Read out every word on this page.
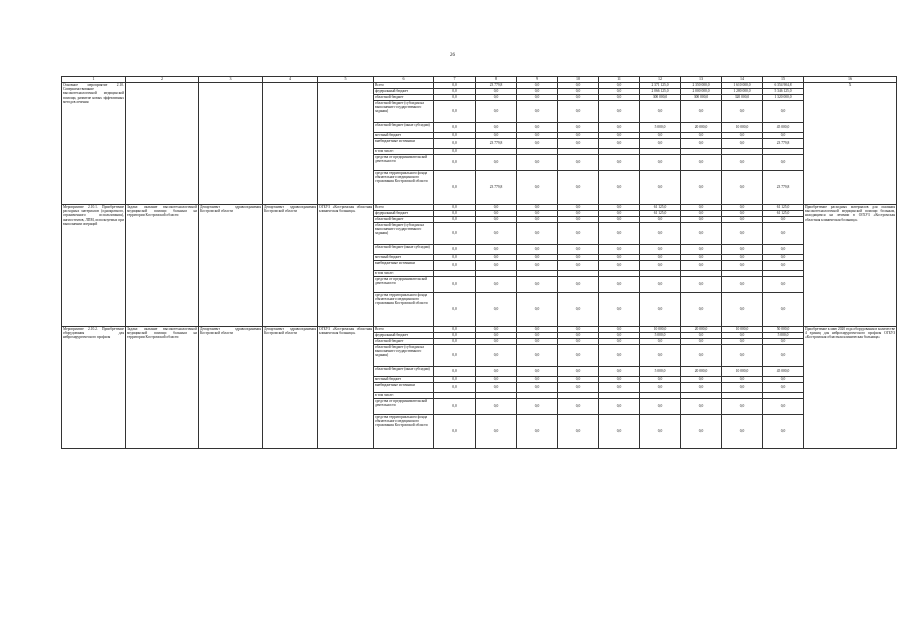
26
1	2	3	4	5	6	7	8	9	10	11	12	13	14	15	16
Основное мероприятие 2.10. Совершенствование высокотехнологичной медицинской помощи, развитие новых эффективных методов лечения					Всего	0,0	23 779,8	0,0	0,0	0,0	2 371 125,0	2 350 000,0	1 610 000,0	6 354 904,8	Х
					федеральный бюджет	0,0	0,0	0,0	0,0	0,0	2 066 125,0	2 000 000,0	1 280 000,0	5 346 125,0	
					областной бюджет	0,0	0,0	0,0	0,0	0,0	300 000,0	300 000,0	320 000,0	1 320 000,0	
					областной бюджет (субсидия на выполнение государственного задания)	0,0	0,0	0,0	0,0	0,0	0,0	0,0	0,0	0,0	
					областной бюджет (иные субсидии)	0,0	0,0	0,0	0,0	0,0	5 000,0	20 000,0	10 000,0	45 000,0	
					местный бюджет	0,0	0,0	0,0	0,0	0,0	0,0	0,0	0,0	0,0	
					внебюджетные источники	0,0	23 779,8	0,0	0,0	0,0	0,0	0,0	0,0	23 779,8	
					в том числе:	0,0									
					средства от предпринимательской деятельности	0,0	0,0	0,0	0,0	0,0	0,0	0,0	0,0	0,0	
					средства территориального фонда обязательного медицинского страхования Костромской области	0,0	23 779,8	0,0	0,0	0,0	0,0	0,0	0,0	23 779,8	
Мероприятие 2.10.1. Приобретение расходных материалов (однократного, ограниченного использования), ангиостентов, ЛПМ, используемых при выполнении операций	Задача: оказание высокотехнологичной медицинской помощи больным на территории Костромской области	Департамент здравоохранения Костромской области	Департамент здравоохранения Костромской области	ОГБУЗ «Костромская областная клиническая больница»	Всего	0,0	0,0	0,0	0,0	0,0	61 125,0	0,0	0,0	61 125,0	Приобретение расходных материалов для оказания высокотехнологичной медицинской помощи больным, находящимся на лечении в ОГБУЗ «Костромская областная клиническая больница»
					федеральный бюджет	0,0	0,0	0,0	0,0	0,0	61 125,0	0,0	0,0	61 125,0	
					областной бюджет	0,0	0,0	0,0	0,0	0,0	0,0	0,0	0,0	0,0	
					областной бюджет (субсидия на выполнение государственного задания)	0,0	0,0	0,0	0,0	0,0	0,0	0,0	0,0	0,0	
					областной бюджет (иные субсидии)	0,0	0,0	0,0	0,0	0,0	0,0	0,0	0,0	0,0	
					местный бюджет	0,0	0,0	0,0	0,0	0,0	0,0	0,0	0,0	0,0	
					внебюджетные источники	0,0	0,0	0,0	0,0	0,0	0,0	0,0	0,0	0,0	
					в том числе:										
					средства от предпринимательской деятельности	0,0	0,0	0,0	0,0	0,0	0,0	0,0	0,0	0,0	
					средства территориального фонда обязательного медицинского страхования Костромской области	0,0	0,0	0,0	0,0	0,0	0,0	0,0	0,0	0,0	
Мероприятие 2.10.2. Приобретение оборудования для нейрохирургического профиля	Задача: оказание высокотехнологичной медицинской помощи больным на территории Костромской области	Департамент здравоохранения Костромской области	Департамент здравоохранения Костромской области	ОГБУЗ «Костромская областная клиническая больница»	Всего	0,0	0,0	0,0	0,0	0,0	10 000,0	20 000,0	10 000,0	50 000,0	Приобретение к маю 2020 года оборудования в количестве 4 единиц для нейрохирургического профиля ОГБУЗ «Костромская областная клиническая больница»
					федеральный бюджет	0,0	0,0	0,0	0,0	0,0	5 000,0	0,0	0,0	5 000,0	
					областной бюджет	0,0	0,0	0,0	0,0	0,0	0,0	0,0	0,0	0,0	
					областной бюджет (субсидия на выполнение государственного задания)	0,0	0,0	0,0	0,0	0,0	0,0	0,0	0,0	0,0	
					областной бюджет (иные субсидии)	0,0	0,0	0,0	0,0	0,0	5 000,0	20 000,0	10 000,0	45 000,0	
					местный бюджет	0,0	0,0	0,0	0,0	0,0	0,0	0,0	0,0	0,0	
					внебюджетные источники	0,0	0,0	0,0	0,0	0,0	0,0	0,0	0,0	0,0	
					в том числе:										
					средства от предпринимательской деятельности	0,0	0,0	0,0	0,0	0,0	0,0	0,0	0,0	0,0	
					средства территориального фонда обязательного медицинского страхования Костромской области	0,0	0,0	0,0	0,0	0,0	0,0	0,0	0,0	0,0	
